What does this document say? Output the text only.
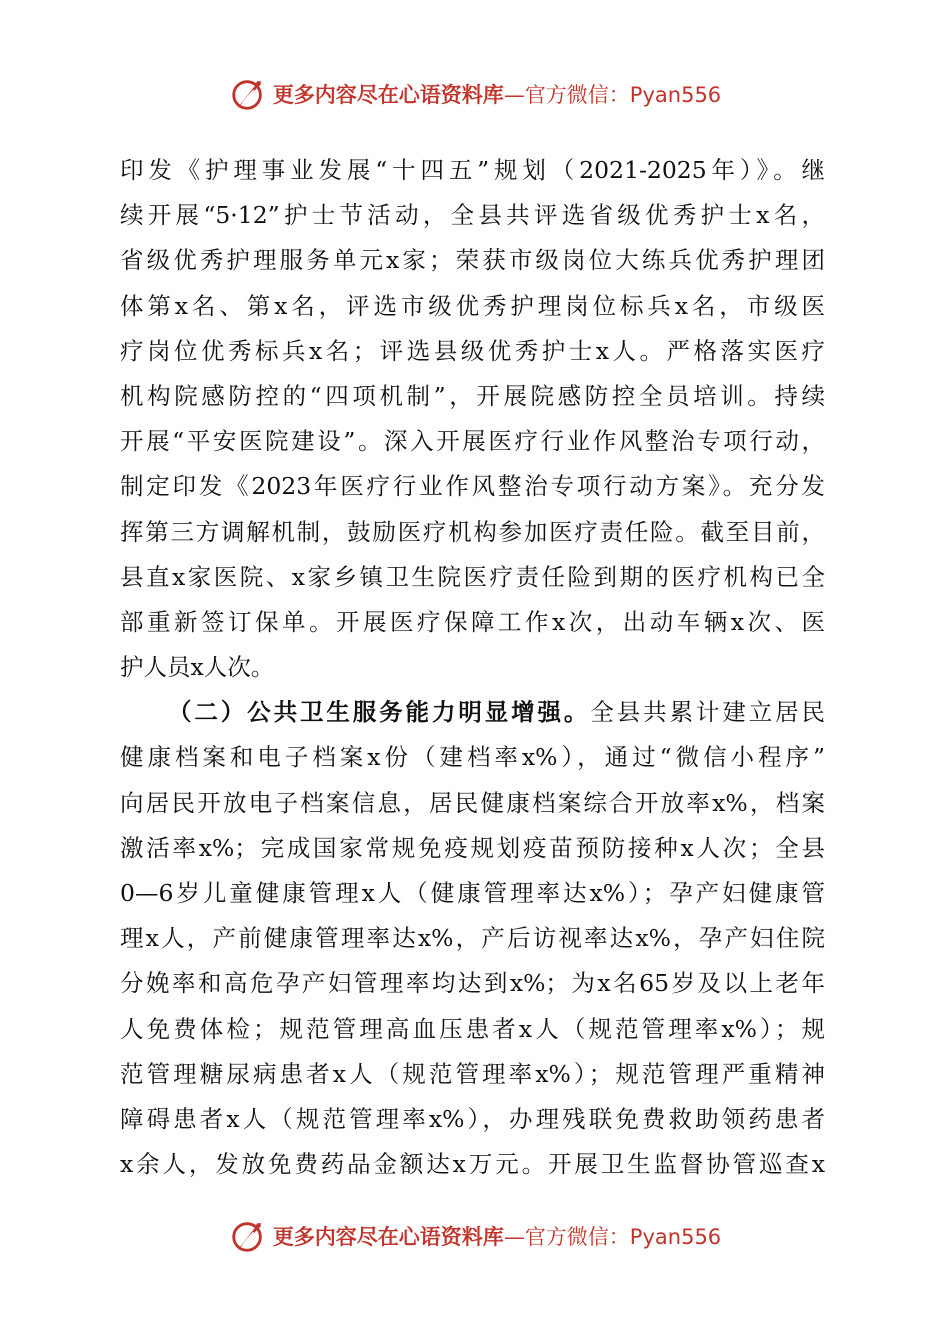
更多内容尽在心语资料库—官方微信：Pyan556
印发《护理事业发展“十四五”规划（2021-2025年）》。继
续开展“5·12”护士节活动，全县共评选省级优秀护士x名，
省级优秀护理服务单元x家；荣获市级岗位大练兵优秀护理团
体第x名、第x名，评选市级优秀护理岗位标兵x名，市级医
疗岗位优秀标兵x名；评选县级优秀护士x人。严格落实医疗
机构院感防控的“四项机制”，开展院感防控全员培训。持续
开展“平安医院建设”。深入开展医疗行业作风整治专项行动，
制定印发《2023年医疗行业作风整治专项行动方案》。充分发
挥第三方调解机制，鼓励医疗机构参加医疗责任险。截至目前，
县直x家医院、x家乡镇卫生院医疗责任险到期的医疗机构已全
部重新签订保单。开展医疗保障工作x次，出动车辆x次、医
护人员x人次。
（二）公共卫生服务能力明显增强。全县共累计建立居民
健康档案和电子档案x份（建档率x%），通过“微信小程序”
向居民开放电子档案信息，居民健康档案综合开放率x%，档案
激活率x%；完成国家常规免疫规划疫苗预防接种x人次；全县
0—6岁儿童健康管理x人（健康管理率达x%）；孕产妇健康管
理x人，产前健康管理率达x%，产后访视率达x%，孕产妇住院
分娩率和高危孕产妇管理率均达到x%；为x名65岁及以上老年
人免费体检；规范管理高血压患者x人（规范管理率x%）；规
范管理糖尿病患者x人（规范管理率x%）；规范管理严重精神
障碍患者x人（规范管理率x%），办理残联免费救助领药患者
x余人，发放免费药品金额达x万元。开展卫生监督协管巡查x
更多内容尽在心语资料库—官方微信：Pyan556
